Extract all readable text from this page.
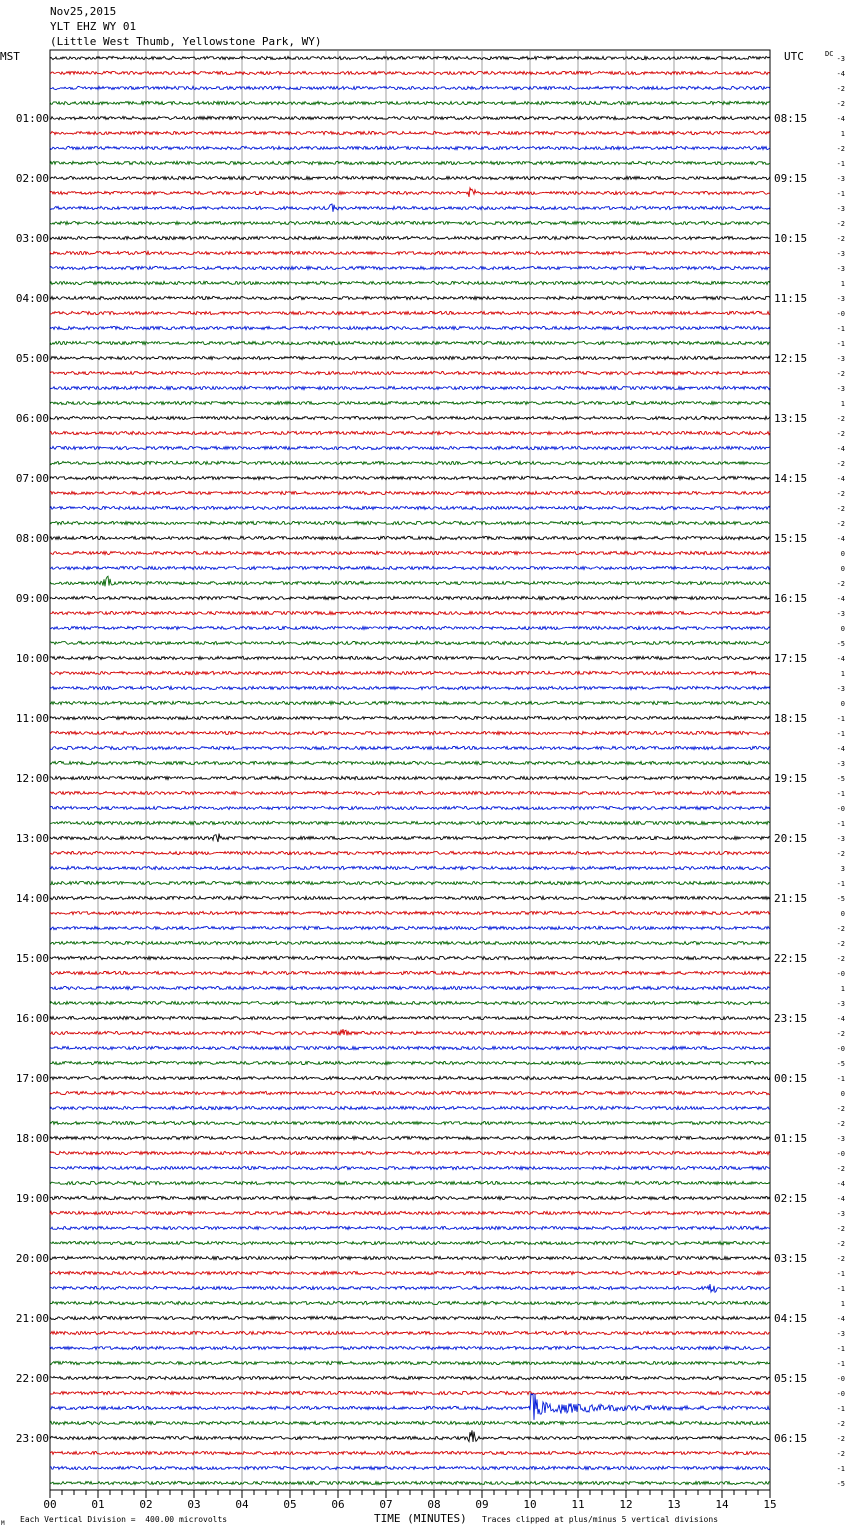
Nov25,2015
YLT EHZ WY 01
(Little West Thumb, Yellowstone Park, WY)
MST	UTC	DC
00	01	02	03	04	05	06	07	08	09	10	11	12	13	14	15
-3
-4
-2
-2
-4
1
-2
-1
-3
-1
-3
-2
-2
-3
-3
1
-3
-0
-1
-1
-3
-2
-3
1
-2
-2
-4
-2
-4
-2
-2
-2
-4
0
0
-2
-4
-3
0
-5
-4
1
-3
0
-1
-1
-4
-3
-5
-1
-0
-1
-3
-2
3
-1
-5
0
-2
-2
-2
-0
1
-3
-4
-2
-0
-5
-1
0
-2
-2
-3
-0
-2
-4
-4
-3
-2
-2
-2
-1
-1
1
-4
-3
-1
-1
-0
-0
-1
-2
-2
-2
-1
-5
01:00
02:00
03:00
04:00
05:00
06:00
07:00
08:00
09:00
10:00
11:00
12:00
13:00
14:00
15:00
16:00
17:00
18:00
19:00
20:00
21:00
22:00
23:00
08:15
09:15
10:15
11:15
12:15
13:15
14:15
15:15
16:15
17:15
18:15
19:15
20:15
21:15
22:15
23:15
00:15
01:15
02:15
03:15
04:15
05:15
06:15
M Each Vertical Division =  400.00 microvolts	TIME (MINUTES) Traces clipped at plus/minus 5 vertical divisions
